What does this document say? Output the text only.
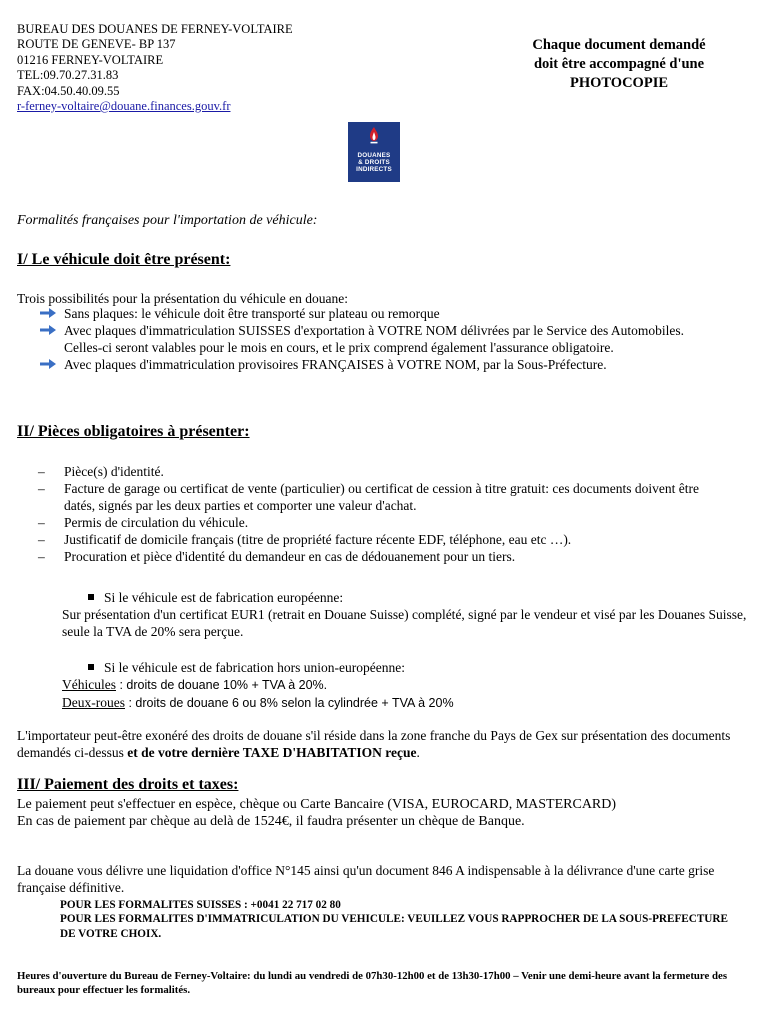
BUREAU DES DOUANES DE FERNEY-VOLTAIRE
ROUTE DE GENEVE- BP 137
01216 FERNEY-VOLTAIRE
TEL:09.70.27.31.83
FAX:04.50.40.09.55
r-ferney-voltaire@douane.finances.gouv.fr
Chaque document demandé
doit être accompagné d'une
PHOTOCOPIE
DOUANES
& DROITS
INDIRECTS
Formalités françaises pour l'importation de véhicule:
I/ Le véhicule doit être présent:
Trois possibilités pour la présentation du véhicule en douane:
Sans plaques: le véhicule doit être transporté sur plateau ou remorque
Avec plaques d'immatriculation SUISSES d'exportation à VOTRE NOM délivrées par le Service des Automobiles. Celles-ci seront valables pour le mois en cours, et le prix comprend également l'assurance obligatoire.
Avec plaques d'immatriculation provisoires FRANÇAISES à VOTRE NOM, par la Sous-Préfecture.
II/ Pièces obligatoires à présenter:
– Pièce(s) d'identité.
– Facture de garage ou certificat de vente (particulier) ou certificat de cession à titre gratuit: ces documents doivent être datés, signés par les deux parties et comporter une valeur d'achat.
– Permis de circulation du véhicule.
– Justificatif de domicile français (titre de propriété facture récente EDF, téléphone, eau etc …).
– Procuration et pièce d'identité du demandeur en cas de dédouanement pour un tiers.
Si le véhicule est de fabrication européenne:
Sur présentation d'un certificat EUR1 (retrait en Douane Suisse) complété, signé par le vendeur et visé par les Douanes Suisse, seule la TVA de 20% sera perçue.
Si le véhicule est de fabrication hors union-européenne:
Véhicules : droits de douane 10% + TVA à 20%.
Deux-roues : droits de douane 6 ou 8% selon la cylindrée + TVA à 20%
L'importateur peut-être exonéré des droits de douane s'il réside dans la zone franche du Pays de Gex sur présentation des documents demandés ci-dessus et de votre dernière TAXE D'HABITATION reçue.
III/ Paiement des droits et taxes:
Le paiement peut s'effectuer en espèce, chèque ou Carte Bancaire (VISA, EUROCARD, MASTERCARD)
En cas de paiement par chèque au delà de 1524€, il faudra présenter un chèque de Banque.
La douane vous délivre une liquidation d'office N°145 ainsi qu'un document 846 A indispensable à la délivrance d'une carte grise française définitive.
POUR LES FORMALITES SUISSES : +0041 22 717 02 80
POUR LES FORMALITES D'IMMATRICULATION DU VEHICULE: VEUILLEZ VOUS RAPPROCHER DE LA SOUS-PREFECTURE DE VOTRE CHOIX.
Heures d'ouverture du Bureau de Ferney-Voltaire: du lundi au vendredi de 07h30-12h00 et de 13h30-17h00 – Venir une demi-heure avant la fermeture des bureaux pour effectuer les formalités.
